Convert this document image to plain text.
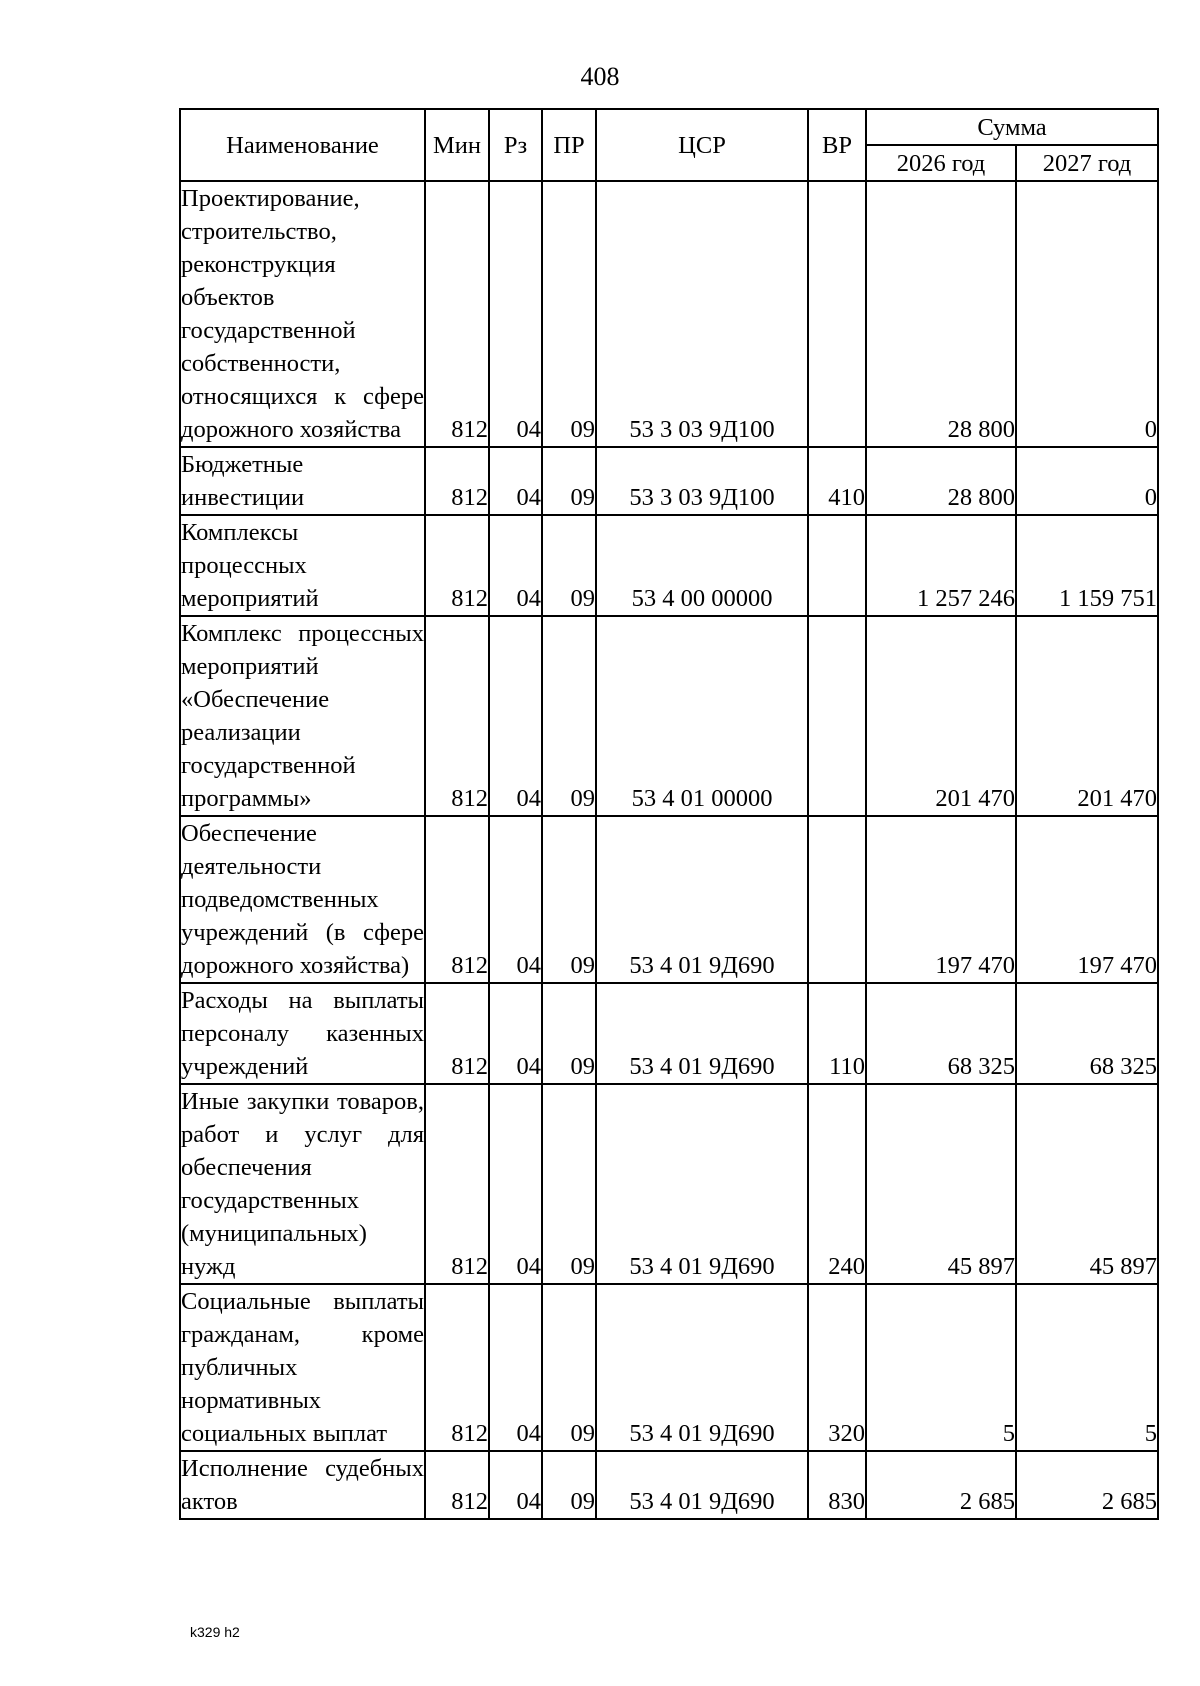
408
Наименование	Мин	Рз	ПР	ЦСР	ВР	Сумма	
						2026 год	2027 год
Проектирование, строительство, реконструкция объектов государственной собственности, относящихся к сфере дорожного хозяйства	812	04	09	53 3 03 9Д100		28 800	0
Бюджетные инвестиции	812	04	09	53 3 03 9Д100	410	28 800	0
Комплексы процессных мероприятий	812	04	09	53 4 00 00000		1 257 246	1 159 751
Комплекс процессных мероприятий «Обеспечение реализации государственной программы»	812	04	09	53 4 01 00000		201 470	201 470
Обеспечение деятельности подведомственных учреждений (в сфере дорожного хозяйства)	812	04	09	53 4 01 9Д690		197 470	197 470
Расходы на выплаты персоналу казенных учреждений	812	04	09	53 4 01 9Д690	110	68 325	68 325
Иные закупки товаров, работ и услуг для обеспечения государственных (муниципальных) нужд	812	04	09	53 4 01 9Д690	240	45 897	45 897
Социальные выплаты гражданам, кроме публичных нормативных социальных выплат	812	04	09	53 4 01 9Д690	320	5	5
Исполнение судебных актов	812	04	09	53 4 01 9Д690	830	2 685	2 685
k329 h2
